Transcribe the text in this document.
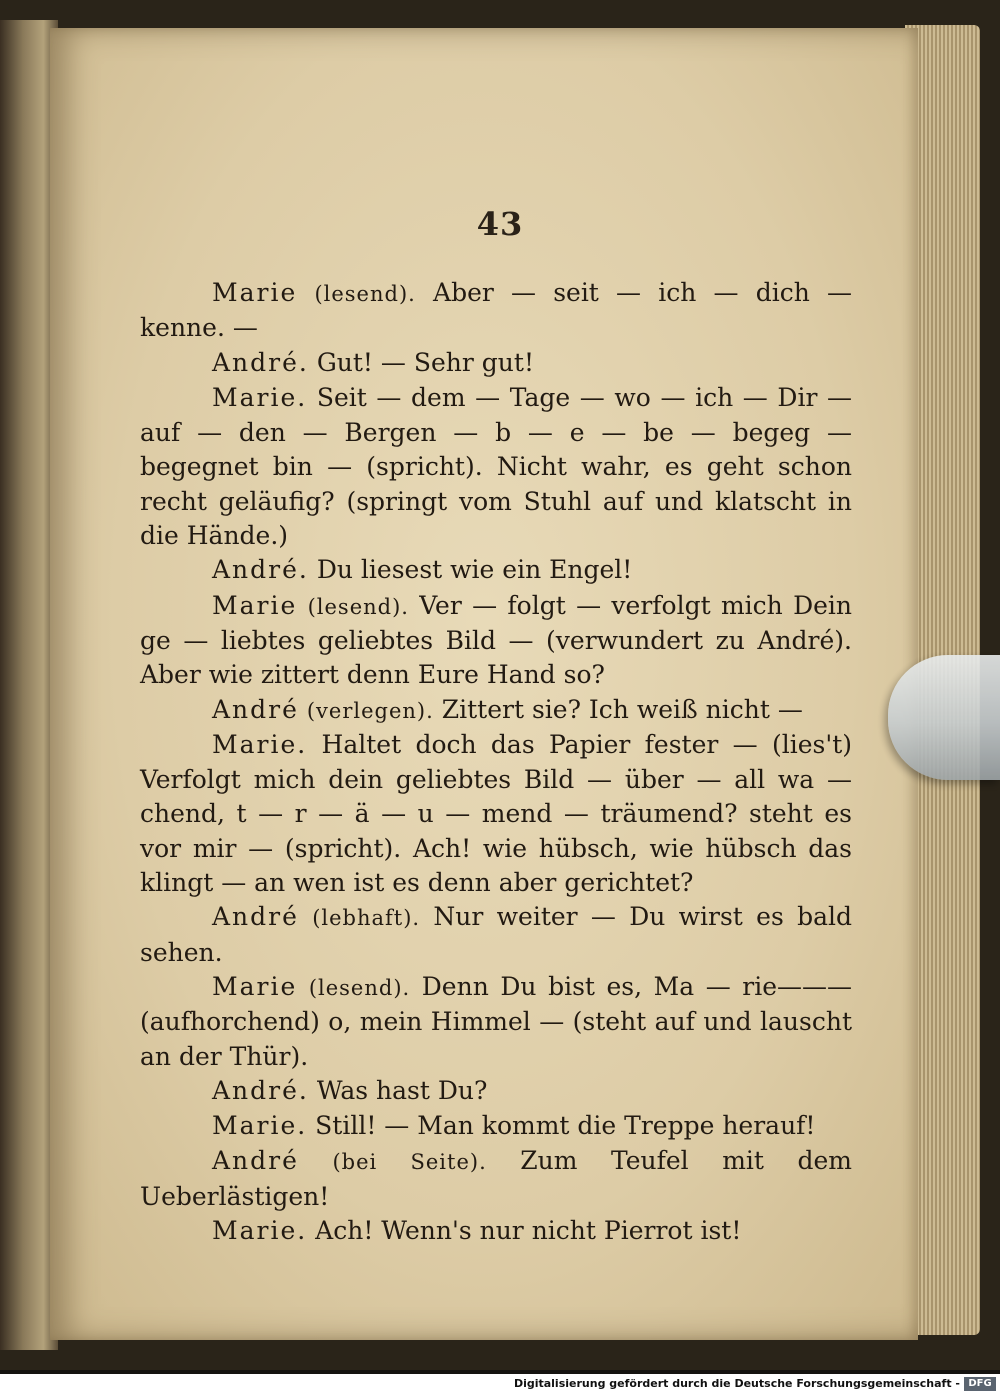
43

Marie (lesend). Aber — seit — ich — dich — kenne. —

André. Gut! — Sehr gut!

Marie. Seit — dem — Tage — wo — ich — Dir — auf — den — Bergen — b — e — be — begeg — begegnet bin — (spricht). Nicht wahr, es geht schon recht geläufig? (springt vom Stuhl auf und klatscht in die Hände.)

André. Du liesest wie ein Engel!

Marie (lesend). Ver — folgt — verfolgt mich Dein ge — liebtes geliebtes Bild — (verwundert zu André). Aber wie zittert denn Eure Hand so?

André (verlegen). Zittert sie? Ich weiß nicht —

Marie. Haltet doch das Papier fester — (lies't) Verfolgt mich dein geliebtes Bild — über — all wa — chend, t — r — ä — u — mend — träumend? steht es vor mir — (spricht). Ach! wie hübsch, wie hübsch das klingt — an wen ist es denn aber gerichtet?

André (lebhaft). Nur weiter — Du wirst es bald sehen.

Marie (lesend). Denn Du bist es, Ma — rie——— (aufhorchend) o, mein Himmel — (steht auf und lauscht an der Thür).

André. Was hast Du?

Marie. Still! — Man kommt die Treppe herauf!

André (bei Seite). Zum Teufel mit dem Ueberlästigen!

Marie. Ach! Wenn's nur nicht Pierrot ist!

Digitalisierung gefördert durch die Deutsche Forschungsgemeinschaft - DFG
